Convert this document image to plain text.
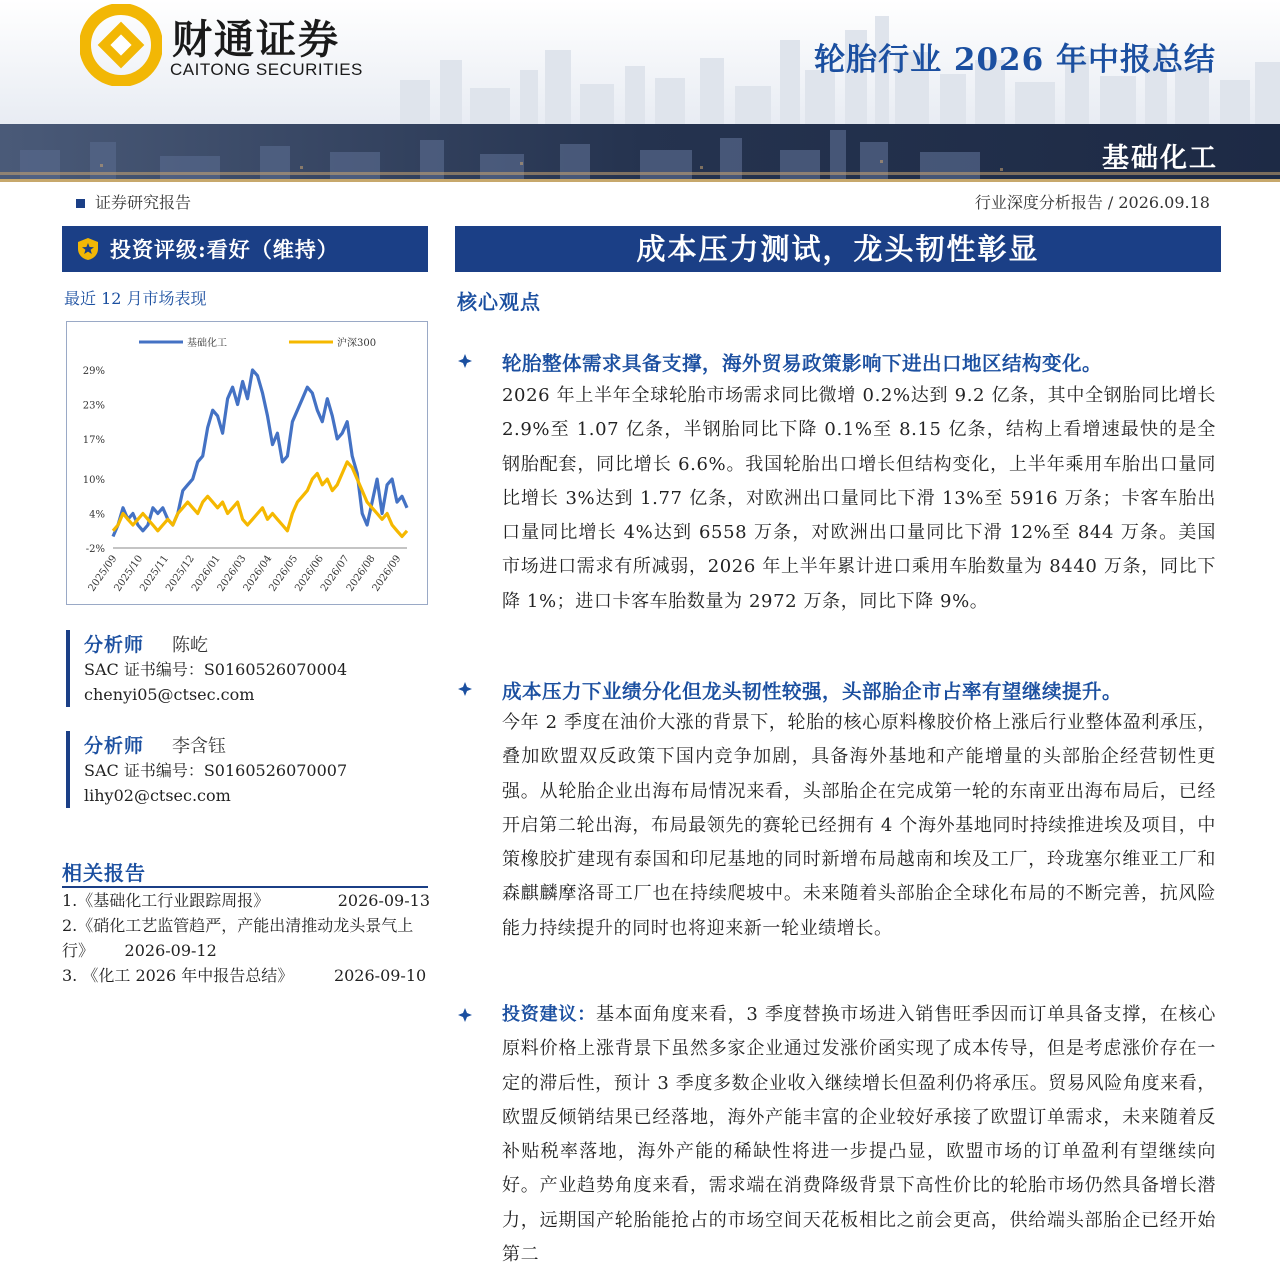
财通证券
CAITONG SECURITIES	轮胎行业 2026 年中报总结
基础化工
证券研究报告	行业深度分析报告 / 2026.09.18
投资评级:看好（维持）	成本压力测试，龙头韧性彰显
最近 12 月市场表现
基础化工	沪深300
29%
23%
17%
10%
4%
-2%
2025/09
2025/10
2025/11
2025/12
2026/01
2026/03
2026/04
2026/05
2026/06
2026/07
2026/08
2026/09
分析师 陈屹
SAC 证书编号：S0160526070004
chenyi05@ctsec.com
分析师 李含钰
SAC 证书编号：S0160526070007
lihy02@ctsec.com
相关报告
1.《基础化工行业跟踪周报》	2026-09-13
2.《硝化工艺监管趋严，产能出清推动龙头景气上行》 2026-09-12
3. 《化工 2026 年中报告总结》	2026-09-10
核心观点
轮胎整体需求具备支撑，海外贸易政策影响下进出口地区结构变化。
2026 年上半年全球轮胎市场需求同比微增 0.2%达到 9.2 亿条，其中全钢胎同比增长 2.9%至 1.07 亿条，半钢胎同比下降 0.1%至 8.15 亿条，结构上看增速最快的是全钢胎配套，同比增长 6.6%。我国轮胎出口增长但结构变化，上半年乘用车胎出口量同比增长 3%达到 1.77 亿条，对欧洲出口量同比下滑 13%至 5916 万条；卡客车胎出口量同比增长 4%达到 6558 万条，对欧洲出口量同比下滑 12%至 844 万条。美国市场进口需求有所减弱，2026 年上半年累计进口乘用车胎数量为 8440 万条，同比下降 1%；进口卡客车胎数量为 2972 万条，同比下降 9%。
成本压力下业绩分化但龙头韧性较强，头部胎企市占率有望继续提升。
今年 2 季度在油价大涨的背景下，轮胎的核心原料橡胶价格上涨后行业整体盈利承压，叠加欧盟双反政策下国内竞争加剧，具备海外基地和产能增量的头部胎企经营韧性更强。从轮胎企业出海布局情况来看，头部胎企在完成第一轮的东南亚出海布局后，已经开启第二轮出海，布局最领先的赛轮已经拥有 4 个海外基地同时持续推进埃及项目，中策橡胶扩建现有泰国和印尼基地的同时新增布局越南和埃及工厂，玲珑塞尔维亚工厂和森麒麟摩洛哥工厂也在持续爬坡中。未来随着头部胎企全球化布局的不断完善，抗风险能力持续提升的同时也将迎来新一轮业绩增长。
投资建议：基本面角度来看，3 季度替换市场进入销售旺季因而订单具备支撑，在核心原料价格上涨背景下虽然多家企业通过发涨价函实现了成本传导，但是考虑涨价存在一定的滞后性，预计 3 季度多数企业收入继续增长但盈利仍将承压。贸易风险角度来看，欧盟反倾销结果已经落地，海外产能丰富的企业较好承接了欧盟订单需求，未来随着反补贴税率落地，海外产能的稀缺性将进一步提凸显，欧盟市场的订单盈利有望继续向好。产业趋势角度来看，需求端在消费降级背景下高性价比的轮胎市场仍然具备增长潜力，远期国产轮胎能抢占的市场空间天花板相比之前会更高，供给端头部胎企已经开始第二
